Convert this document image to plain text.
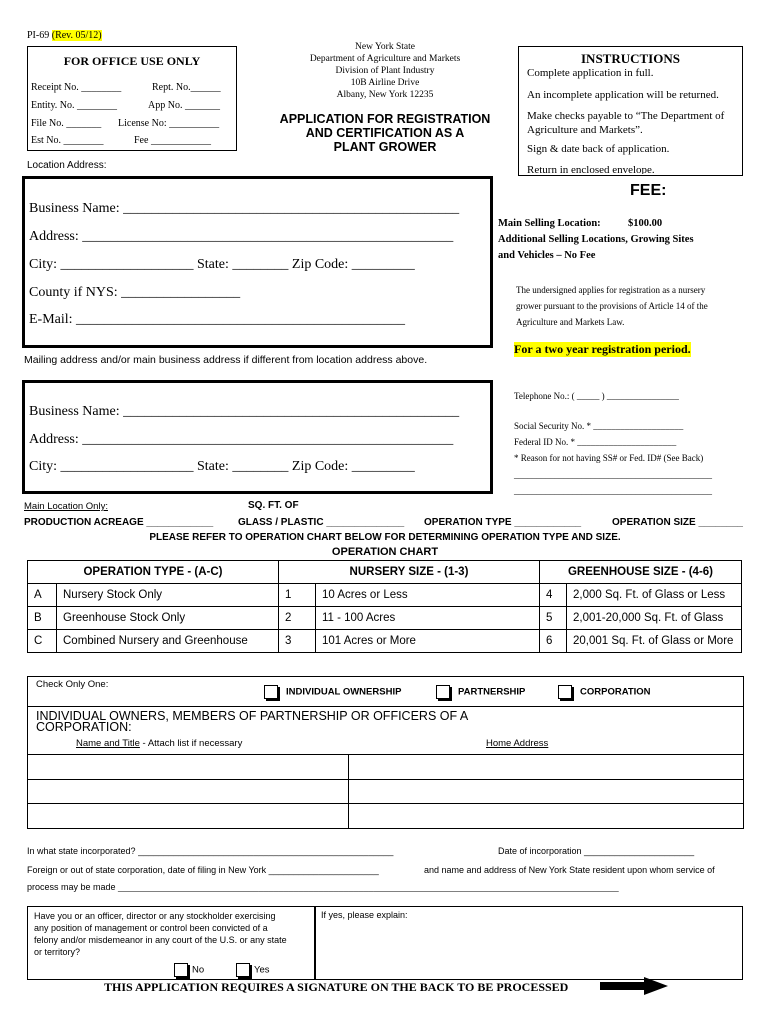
PI-69 (Rev. 05/12)
FOR OFFICE USE ONLY
Receipt No. ________	Rept. No.______
Entity. No. ________	App No. _______
File No. _______ License No: __________
Est No. ________	Fee ____________
New York State
Department of Agriculture and Markets
Division of Plant Industry
10B Airline Drive
Albany, New York 12235
APPLICATION FOR REGISTRATION
AND CERTIFICATION AS A
PLANT GROWER
INSTRUCTIONS
Complete application in full.
An incomplete application will be returned.
Make checks payable to “The Department of
Agriculture and Markets”.
Sign & date back of application.
Return in enclosed envelope.
Location Address:
Business Name: ________________________________________________
Address: _____________________________________________________
City: ___________________ State: ________ Zip Code: _________
County if NYS: _________________
E-Mail: _______________________________________________
FEE:
Main Selling Location:	$100.00
Additional Selling Locations, Growing Sites
and Vehicles – No Fee
The undersigned applies for registration as a nursery
grower pursuant to the provisions of Article 14 of the
Agriculture and Markets Law.
For a two year registration period.
Mailing address and/or main business address if different from location address above.
Business Name: ________________________________________________
Address: _____________________________________________________
City: ___________________ State: ________ Zip Code: _________
Telephone No.: ( _____ ) ________________
Social Security No. * ____________________
Federal ID No. * ______________________
* Reason for not having SS# or Fed. ID# (See Back)
____________________________________________
____________________________________________
Main Location Only:	SQ. FT. OF
PRODUCTION ACREAGE ____________ GLASS / PLASTIC ______________ OPERATION TYPE ____________	OPERATION SIZE ________
PLEASE REFER TO OPERATION CHART BELOW FOR DETERMINING OPERATION TYPE AND SIZE.
OPERATION CHART
OPERATION TYPE - (A-C)		NURSERY SIZE - (1-3)		GREENHOUSE SIZE - (4-6)	
A	Nursery Stock Only	1	10 Acres or Less	4	2,000 Sq. Ft. of Glass or Less
B	Greenhouse Stock Only	2	11 - 100 Acres	5	2,001-20,000 Sq. Ft. of Glass
C	Combined Nursery and Greenhouse	3	101 Acres or More	6	20,001 Sq. Ft. of Glass or More
Check Only One:
INDIVIDUAL OWNERSHIP	PARTNERSHIP	CORPORATION
INDIVIDUAL OWNERS, MEMBERS OF PARTNERSHIP OR OFFICERS OF A
CORPORATION:
Name and Title - Attach list if necessary	Home Address
In what state incorporated? ___________________________________________________	Date of incorporation ______________________
Foreign or out of state corporation, date of filing in New York ______________________	and name and address of New York State resident upon whom service of
process may be made ____________________________________________________________________________________________________
Have you or an officer, director or any stockholder exercising
any position of management or control been convicted of a
felony and/or misdemeanor in any court of the U.S. or any state
or territory?
No	Yes
If yes, please explain:
THIS APPLICATION REQUIRES A SIGNATURE ON THE BACK TO BE PROCESSED
